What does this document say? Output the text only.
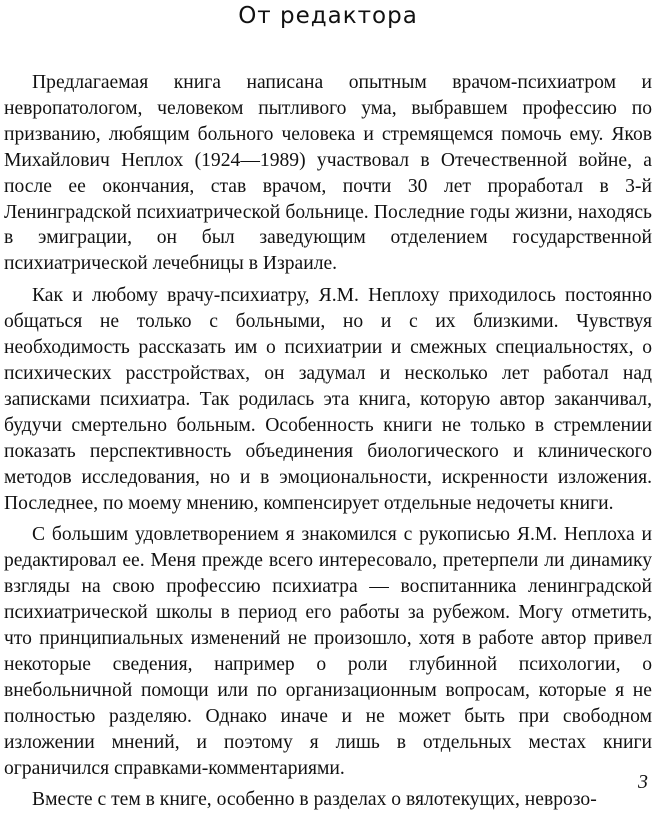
От редактора

Предлагаемая книга написана опытным врачом-психиатром и невропатологом, человеком пытливого ума, выбравшем профессию по призванию, любящим больного человека и стремящемся помочь ему. Яков Михайлович Неплох (1924—1989) участвовал в Отечественной войне, а после ее окончания, став врачом, почти 30 лет проработал в 3-й Ленинградской психиатрической больнице. Последние годы жизни, находясь в эмиграции, он был заведующим отделением государственной психиатрической лечебницы в Израиле.

Как и любому врачу-психиатру, Я.М. Неплоху приходилось постоянно общаться не только с больными, но и с их близкими. Чувствуя необходимость рассказать им о психиатрии и смежных специальностях, о психических расстройствах, он задумал и несколько лет работал над записками психиатра. Так родилась эта книга, которую автор заканчивал, будучи смертельно больным. Особенность книги не только в стремлении показать перспективность объединения биологического и клинического методов исследования, но и в эмоциональности, искренности изложения. Последнее, по моему мнению, компенсирует отдельные недочеты книги.

С большим удовлетворением я знакомился с рукописью Я.М. Неплоха и редактировал ее. Меня прежде всего интересовало, претерпели ли динамику взгляды на свою профессию психиатра — воспитанника ленинградской психиатрической школы в период его работы за рубежом. Могу отметить, что принципиальных изменений не произошло, хотя в работе автор привел некоторые сведения, например о роли глубинной психологии, о внебольничной помощи или по организационным вопросам, которые я не полностью разделяю. Однако иначе и не может быть при свободном изложении мнений, и поэтому я лишь в отдельных местах книги ограничился справками-комментариями.

Вместе с тем в книге, особенно в разделах о вялотекущих, неврозо-

3
